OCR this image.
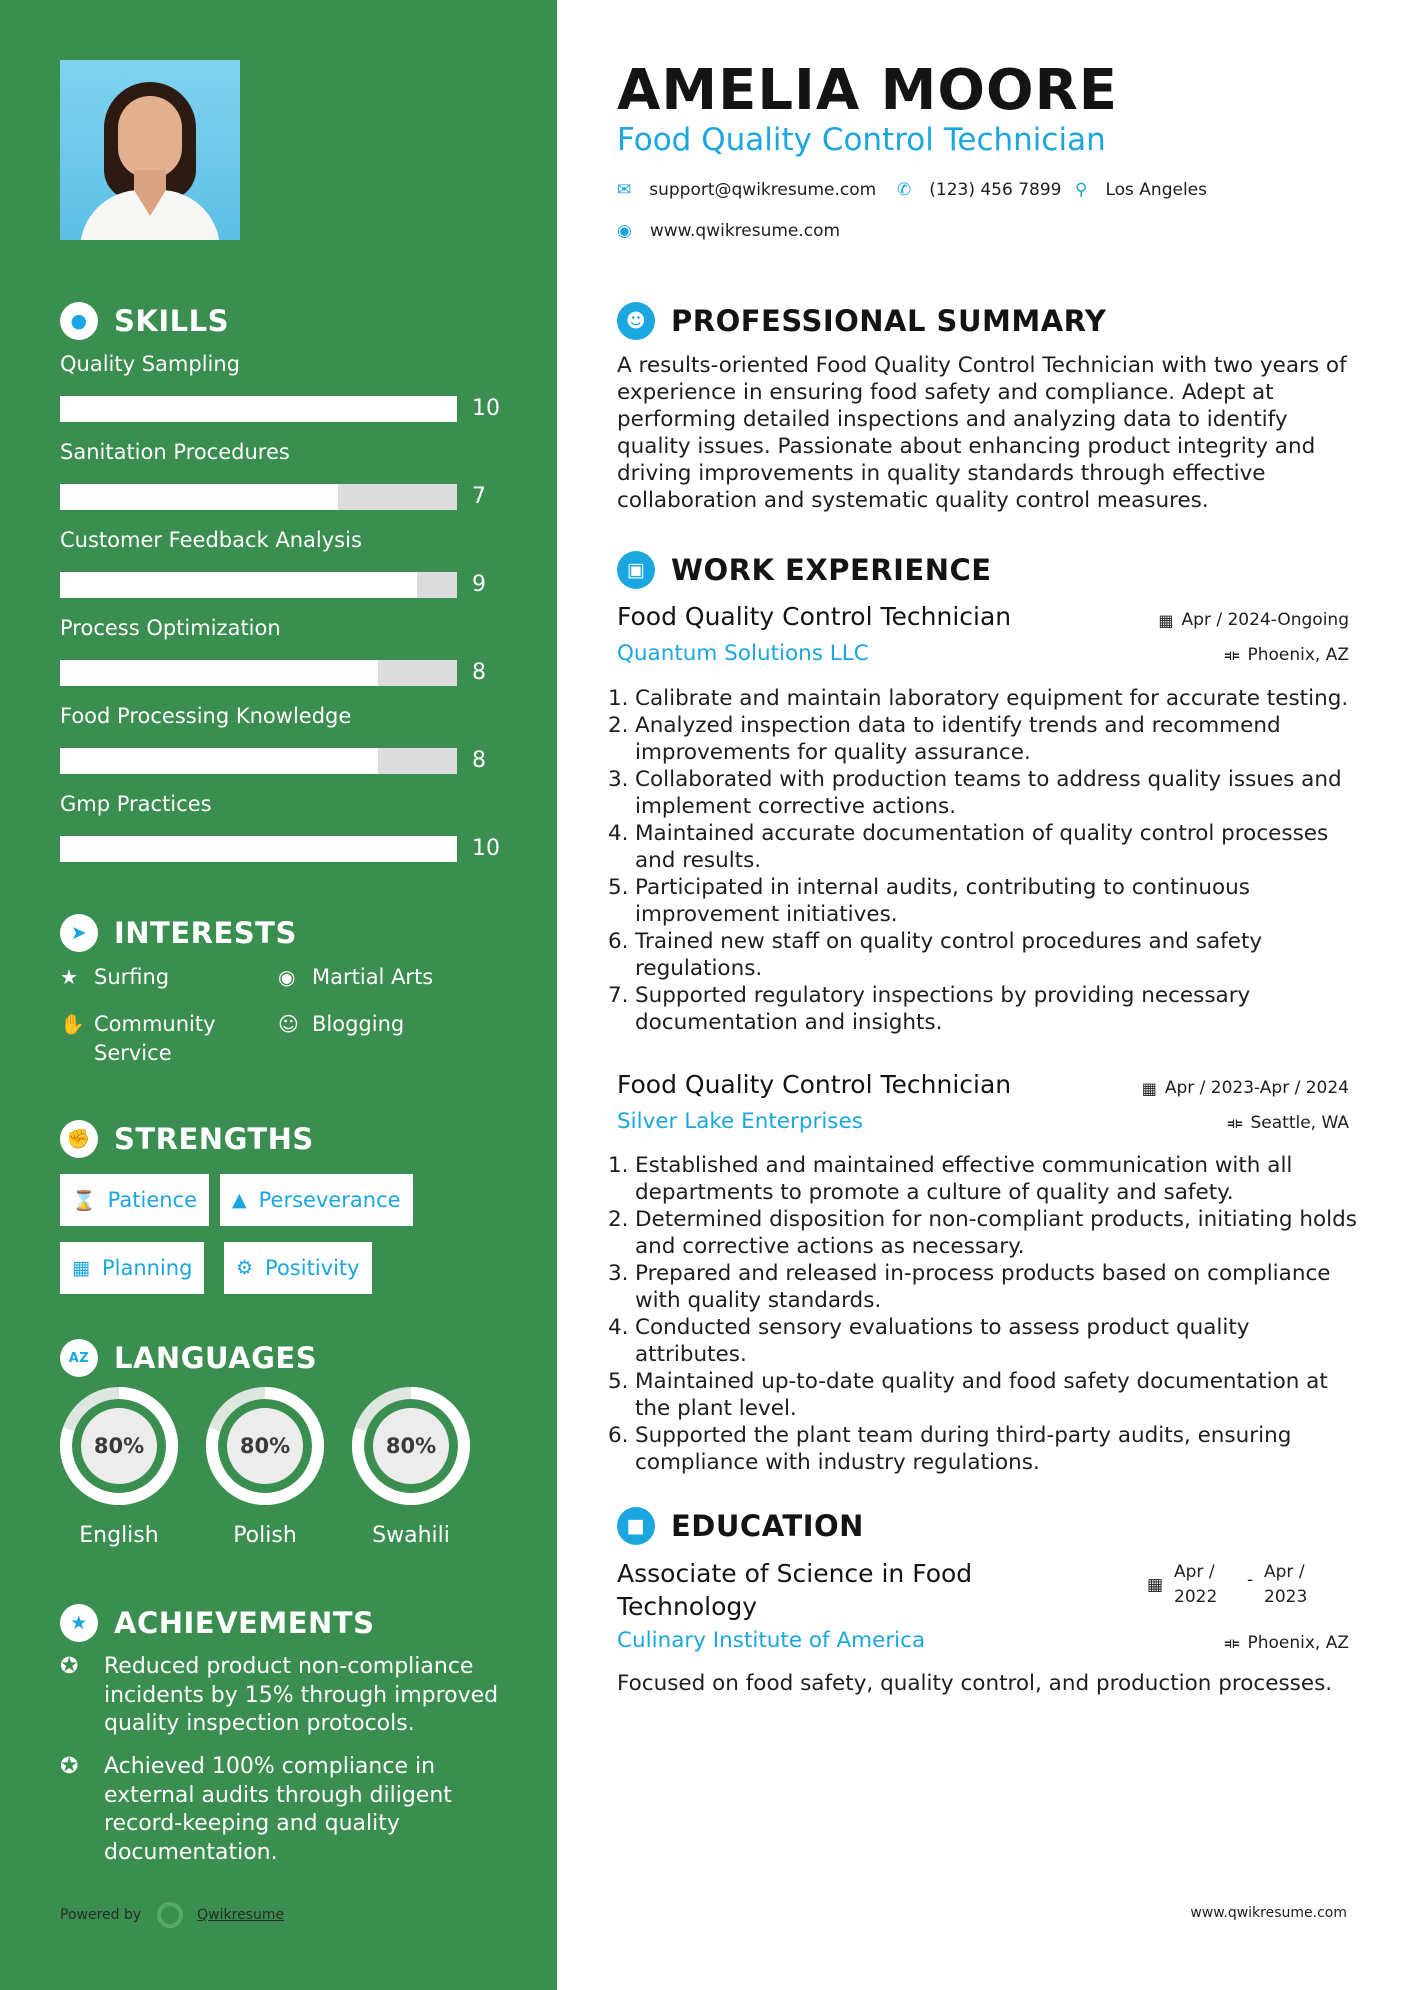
● SKILLS
Quality Sampling
10
Sanitation Procedures
7
Customer Feedback Analysis
9
Process Optimization
8
Food Processing Knowledge
8
Gmp Practices
10
➤ INTERESTS
★ Surfing	◉ Martial Arts
✋ Community Service
☺ Blogging
✊ STRENGTHS
⌛ Patience ▲ Perseverance
▦ Planning ⚙ Positivity
AZ LANGUAGES
80%
English
80%
Polish
80%
Swahili
★ ACHIEVEMENTS
✪	Reduced product non-compliance incidents by 15% through improved quality inspection protocols.
✪	Achieved 100% compliance in external audits through diligent record-keeping and quality documentation.
Powered by	Qwikresume
AMELIA MOORE
Food Quality Control Technician
✉ support@qwikresume.com ✆ (123) 456 7899 ⚲ Los Angeles
◉ www.qwikresume.com
☻ PROFESSIONAL SUMMARY
A results-oriented Food Quality Control Technician with two years of experience in ensuring food safety and compliance. Adept at performing detailed inspections and analyzing data to identify quality issues. Passionate about enhancing product integrity and driving improvements in quality standards through effective collaboration and systematic quality control measures.
▣ WORK EXPERIENCE
Food Quality Control Technician	▦ Apr / 2024-Ongoing
Quantum Solutions LLC	⟚ Phoenix, AZ
1. Calibrate and maintain laboratory equipment for accurate testing.
2. Analyzed inspection data to identify trends and recommend improvements for quality assurance.
3. Collaborated with production teams to address quality issues and implement corrective actions.
4. Maintained accurate documentation of quality control processes and results.
5. Participated in internal audits, contributing to continuous improvement initiatives.
6. Trained new staff on quality control procedures and safety regulations.
7. Supported regulatory inspections by providing necessary documentation and insights.
Food Quality Control Technician	▦ Apr / 2023-Apr / 2024
Silver Lake Enterprises	⟚ Seattle, WA
1. Established and maintained effective communication with all departments to promote a culture of quality and safety.
2. Determined disposition for non-compliant products, initiating holds and corrective actions as necessary.
3. Prepared and released in-process products based on compliance with quality standards.
4. Conducted sensory evaluations to assess product quality attributes.
5. Maintained up-to-date quality and food safety documentation at the plant level.
6. Supported the plant team during third-party audits, ensuring compliance with industry regulations.
■ EDUCATION
Associate of Science in Food Technology
▦
Apr /
2022
- Apr /
2023
Culinary Institute of America	⟚ Phoenix, AZ
Focused on food safety, quality control, and production processes.
www.qwikresume.com
